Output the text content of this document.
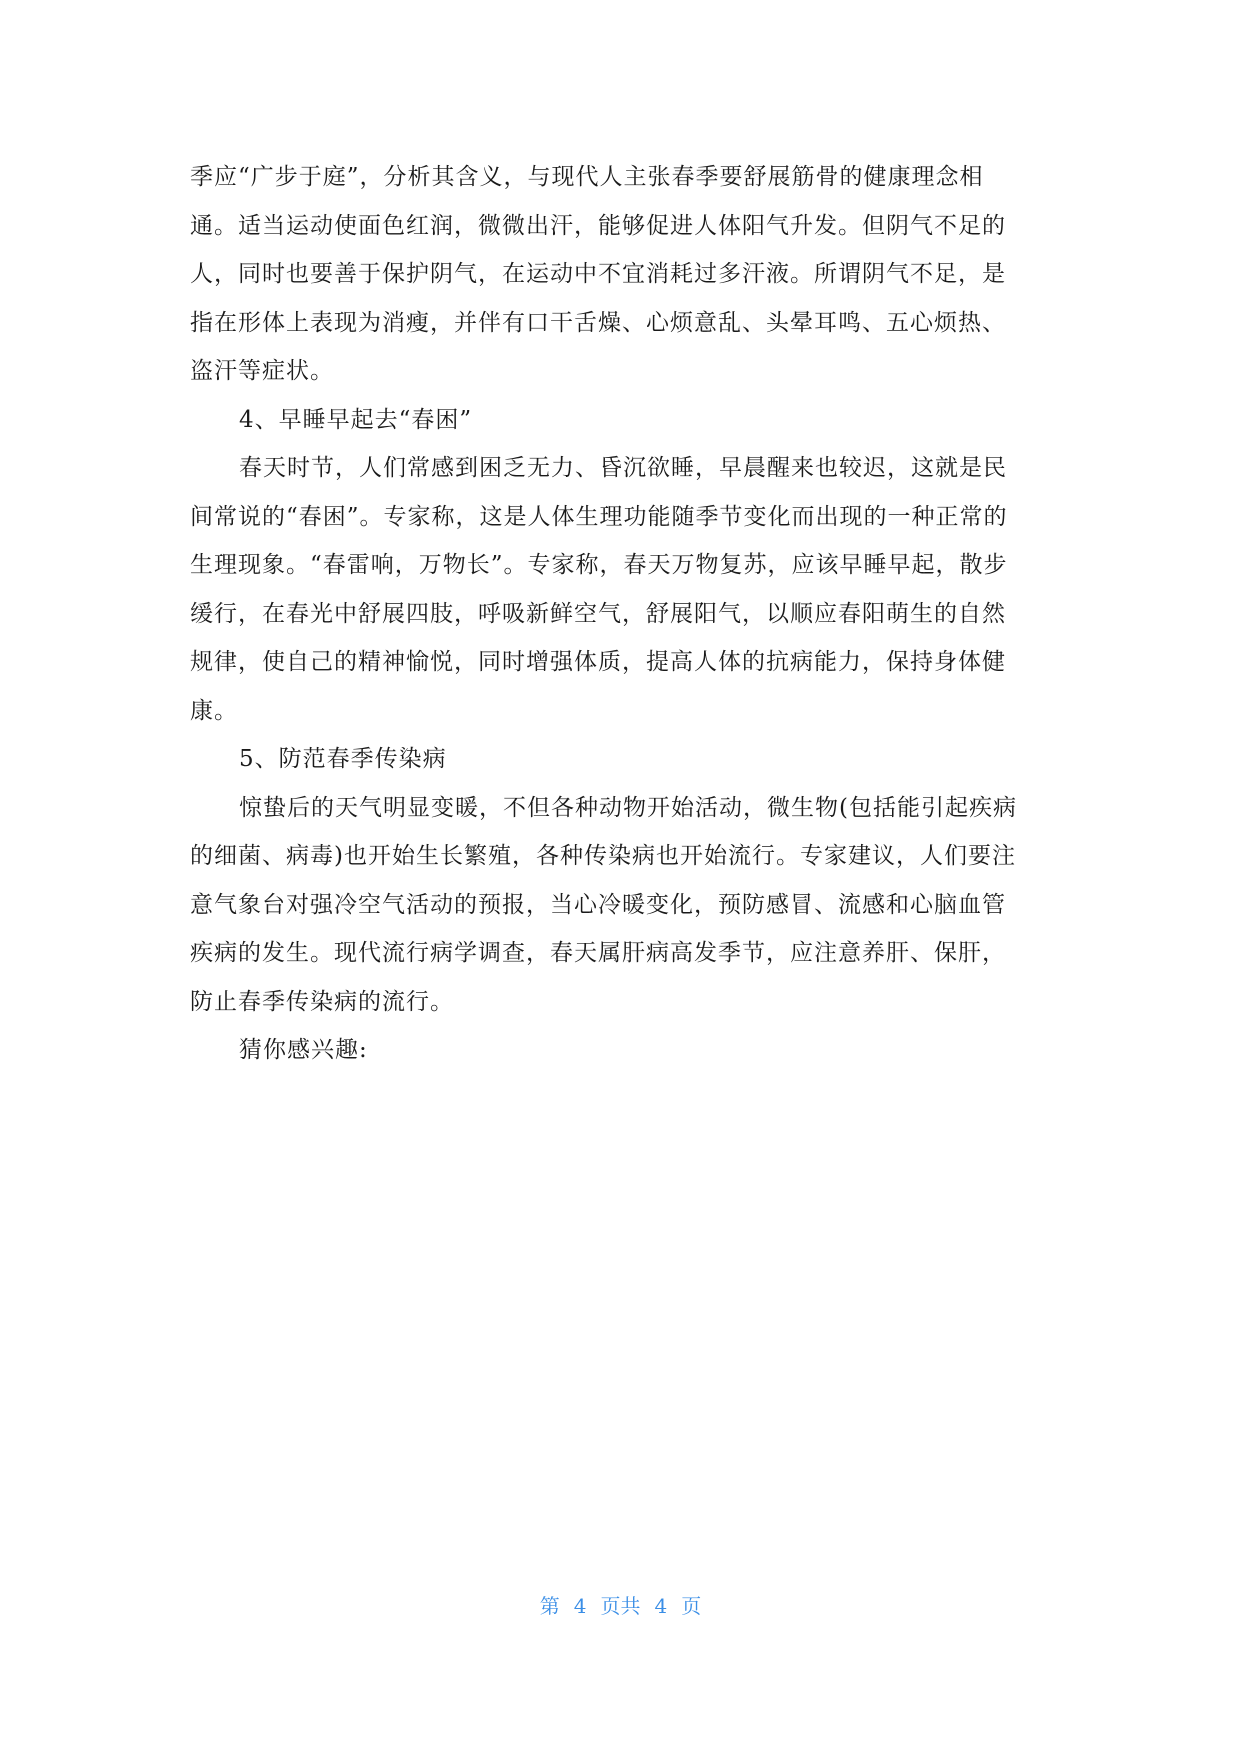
季应“广步于庭”，分析其含义，与现代人主张春季要舒展筋骨的健康理念相
通。适当运动使面色红润，微微出汗，能够促进人体阳气升发。但阴气不足的
人，同时也要善于保护阴气，在运动中不宜消耗过多汗液。所谓阴气不足，是
指在形体上表现为消瘦，并伴有口干舌燥、心烦意乱、头晕耳鸣、五心烦热、
盗汗等症状。
4、早睡早起去“春困”
春天时节，人们常感到困乏无力、昏沉欲睡，早晨醒来也较迟，这就是民
间常说的“春困”。专家称，这是人体生理功能随季节变化而出现的一种正常的
生理现象。“春雷响，万物长”。专家称，春天万物复苏，应该早睡早起，散步
缓行，在春光中舒展四肢，呼吸新鲜空气，舒展阳气，以顺应春阳萌生的自然
规律，使自己的精神愉悦，同时增强体质，提高人体的抗病能力，保持身体健
康。
5、防范春季传染病
惊蛰后的天气明显变暖，不但各种动物开始活动，微生物(包括能引起疾病
的细菌、病毒)也开始生长繁殖，各种传染病也开始流行。专家建议，人们要注
意气象台对强冷空气活动的预报，当心冷暖变化，预防感冒、流感和心脑血管
疾病的发生。现代流行病学调查，春天属肝病高发季节，应注意养肝、保肝，
防止春季传染病的流行。
猜你感兴趣:
第 4 页共 4 页
